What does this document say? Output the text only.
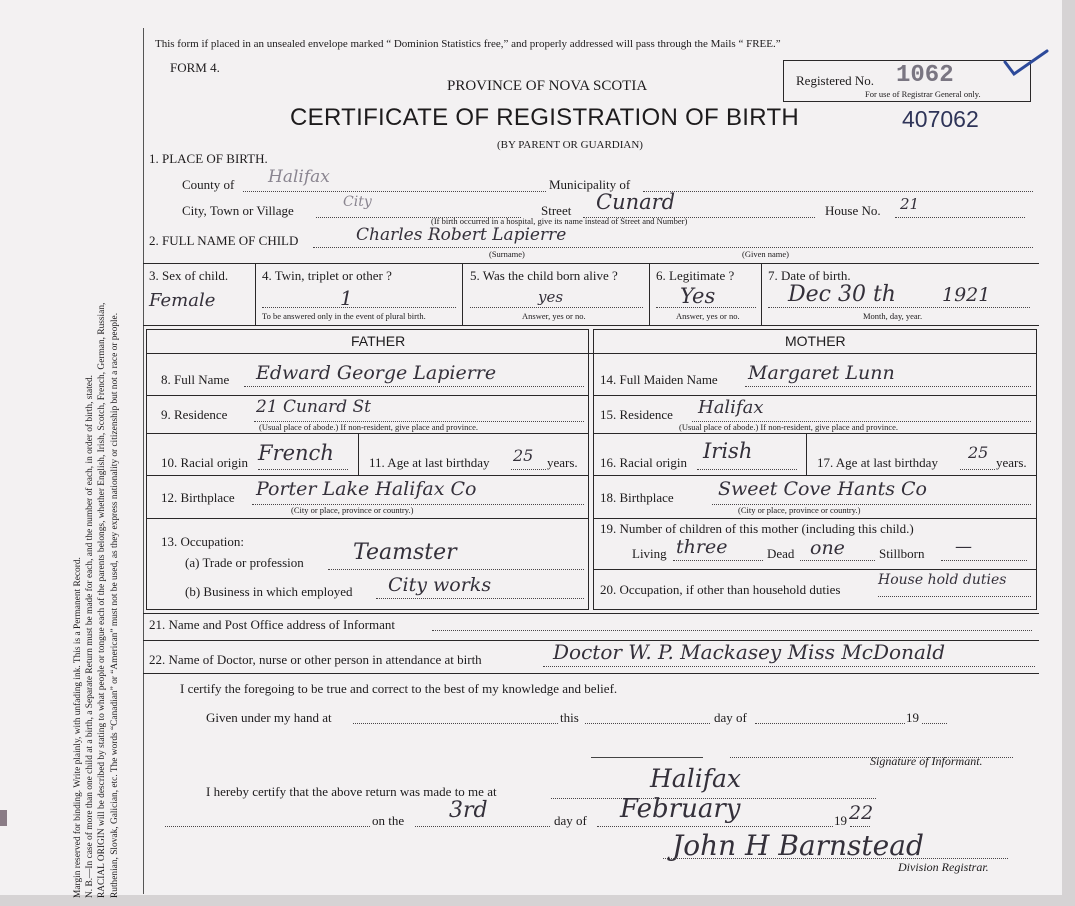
Margin reserved for binding. Write plainly, with unfading ink. This is a Permanent Record. N. B.—In case of more than one child at a birth, a Separate Return must be made for each, and the number of each, in order of birth, stated. RACIAL ORIGIN will be described by stating to what people or tongue each of the parents belongs, whether English, Irish, Scotch, French, German, Russian, Ruthenian, Slovak, Galician, etc. The words “Canadian” or “American” must not be used, as they express nationality or citizenship but not a race or people.
This form if placed in an unsealed envelope marked “ Dominion Statistics free,” and properly addressed will pass through the Mails “ FREE.”
FORM 4.
PROVINCE OF NOVA SCOTIA
CERTIFICATE OF REGISTRATION OF BIRTH	407062
(BY PARENT OR GUARDIAN)
Registered No. 1062
For use of Registrar General only.
1. PLACE OF BIRTH.
County of Halifax	Municipality of
City, Town or Village
City
Street Cunard	House No. 21
(If birth occurred in a hospital, give its name instead of Street and Number)
2. FULL NAME OF CHILD	Charles Robert Lapierre
(Surname)	(Given name)
3. Sex of child.
Female
4. Twin, triplet or other ?
1
To be answered only in the event of plural birth.
5. Was the child born alive ?
yes
Answer, yes or no.
6. Legitimate ?
Yes
Answer, yes or no.
7. Date of birth.
Dec 30 th 1921
Month, day, year.
FATHER	MOTHER
8. Full Name Edward George Lapierre
9. Residence 21 Cunard St
(Usual place of abode.) If non-resident, give place and province.
10. Racial origin French	11. Age at last birthday 25 years.
12. Birthplace Porter Lake Halifax Co
(City or place, province or country.)
13. Occupation:
(a) Trade or profession Teamster
(b) Business in which employed City works
14. Full Maiden Name Margaret Lunn
15. Residence Halifax
(Usual place of abode.) If non-resident, give place and province.
16. Racial origin Irish	17. Age at last birthday
25
years.
18. Birthplace Sweet Cove Hants Co
(City or place, province or country.)
19. Number of children of this mother (including this child.)
Living three	Dead one	Stillborn —
20. Occupation, if other than household duties
House hold duties
21. Name and Post Office address of Informant
22. Name of Doctor, nurse or other person in attendance at birth	Doctor W. P. Mackasey Miss McDonald
I certify the foregoing to be true and correct to the best of my knowledge and belief.
Given under my hand at	this	day of	19
Signature of Informant.
I hereby certify that the above return was made to me at	Halifax
on the 3rd	day of February	19 22
John H Barnstead
Division Registrar.
